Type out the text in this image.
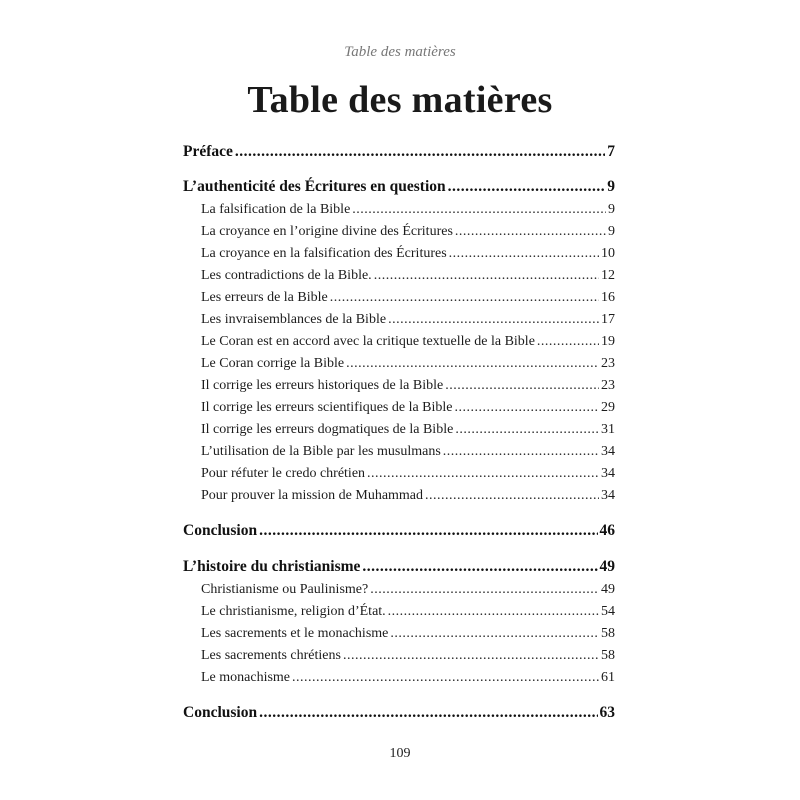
Table des matières
Table des matières
Préface .....	7
L’authenticité des Écritures en question .....	9
La falsification de la Bible .....	9
La croyance en l’origine divine des Écritures .....	9
La croyance en la falsification des Écritures .....	10
Les contradictions de la Bible. .....	12
Les erreurs de la Bible .....	16
Les invraisemblances de la Bible .....	17
Le Coran est en accord avec la critique textuelle de la Bible .....	19
Le Coran corrige la Bible .....	23
Il corrige les erreurs historiques de la Bible .....	23
Il corrige les erreurs scientifiques de la Bible .....	29
Il corrige les erreurs dogmatiques de la Bible .....	31
L’utilisation de la Bible par les musulmans .....	34
Pour réfuter le credo chrétien .....	34
Pour prouver la mission de Muhammad .....	34
Conclusion .....	46
L’histoire du christianisme .....	49
Christianisme ou Paulinisme? .....	49
Le christianisme, religion d’État. .....	54
Les sacrements et le monachisme .....	58
Les sacrements chrétiens .....	58
Le monachisme .....	61
Conclusion .....	63
109
